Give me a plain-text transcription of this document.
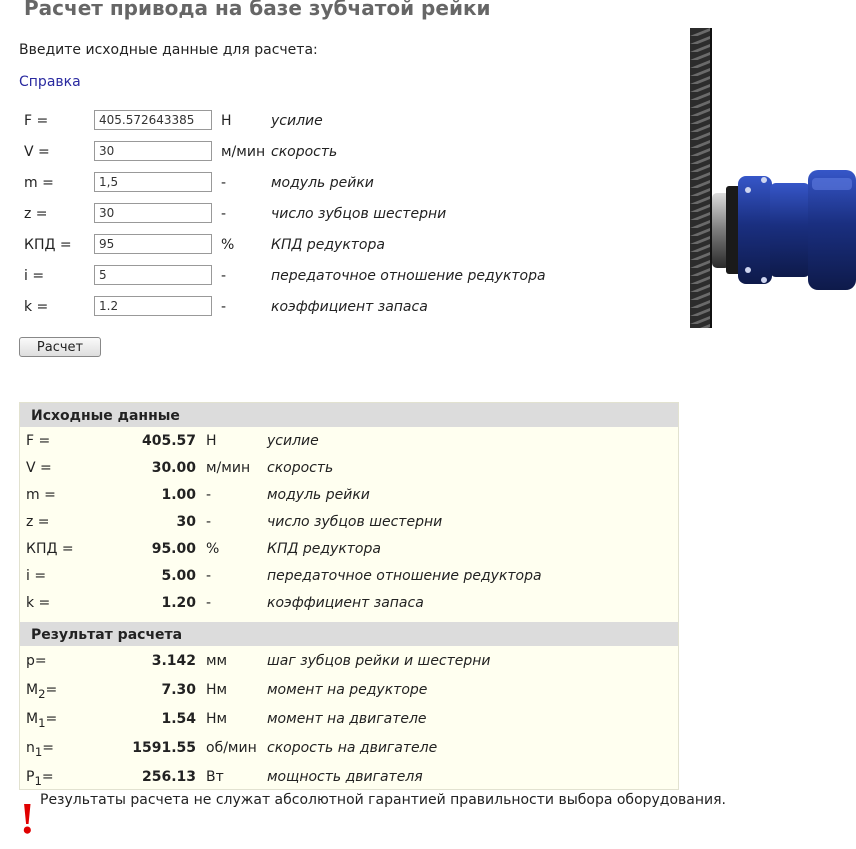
Расчет привода на базе зубчатой рейки
Введите исходные данные для расчета:
Справка
F =
405.572643385	Н	усилие
V =
30	м/мин скорость
m =
1,5	-	модуль рейки
z =
30	-	число зубцов шестерни
КПД =
95	%	КПД редуктора
i =
5	-	передаточное отношение редуктора
k =
1.2	-	коэффициент запаса
Расчет
Исходные данные
F =	405.57 Н	усилие
V =	30.00 м/мин скорость
m =	1.00 -	модуль рейки
z =	30 -	число зубцов шестерни
КПД =	95.00 %	КПД редуктора
i =	5.00 -	передаточное отношение редуктора
k =	1.20 -	коэффициент запаса
Результат расчета
p=	3.142 мм	шаг зубцов рейки и шестерни
$M_2=$	7.30 Нм	момент на редукторе
$M_1=$	1.54 Нм	момент на двигателе
$n_1=$	1591.55 об/мин скорость на двигателе
$P_1=$	256.13 Вт	мощность двигателя
! Результаты расчета не служат абсолютной гарантией правильности выбора оборудования.
